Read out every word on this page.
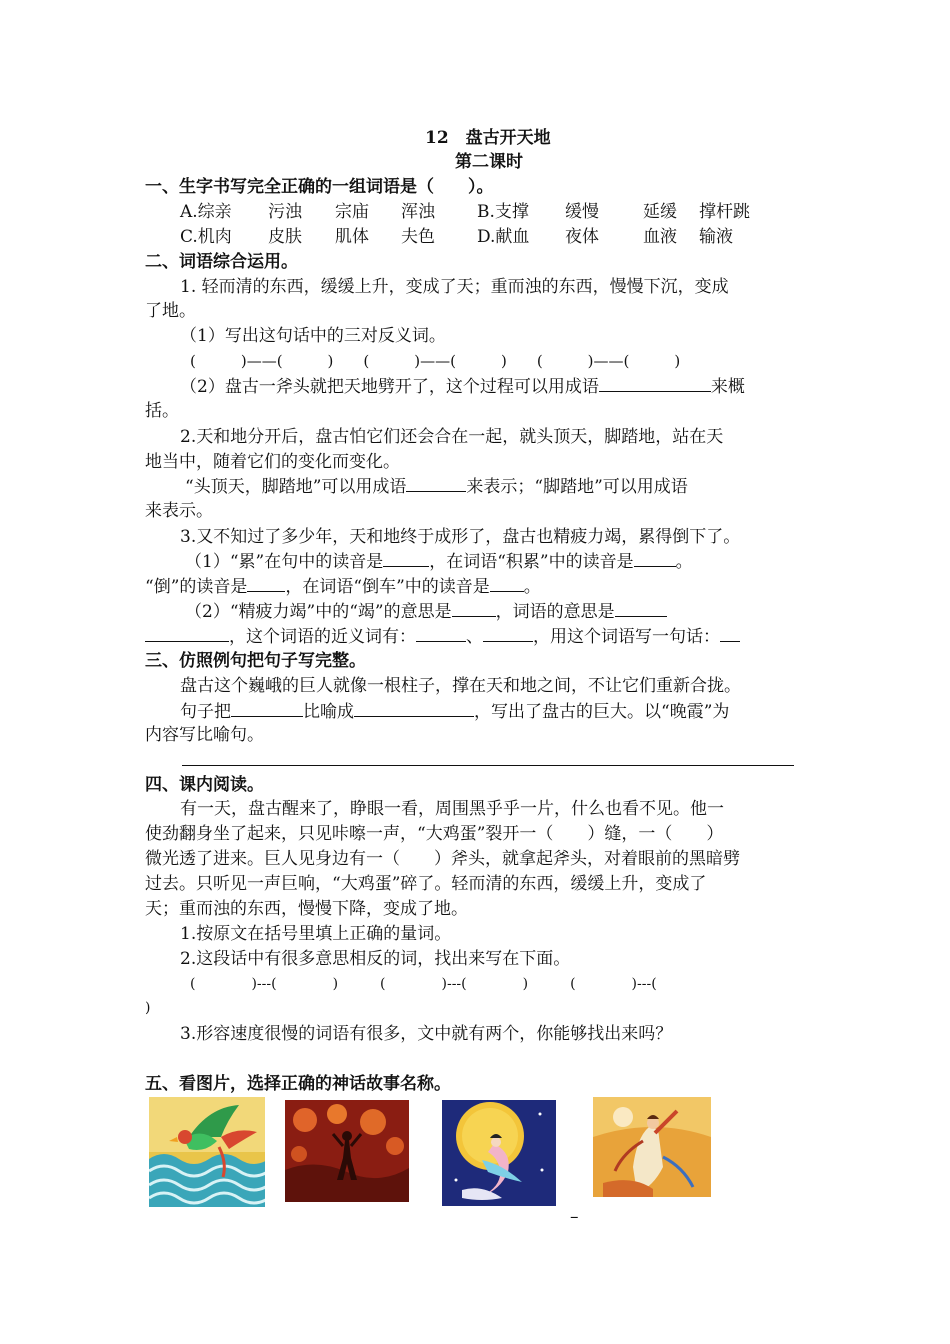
12　盘古开天地
第二课时
一、生字书写完全正确的一组词语是（　　）。
A.综亲 污浊 宗庙 浑浊 B.支撑 缓慢	延缓 撑杆跳
C.机肉 皮肤 肌体 夫色 D.献血 夜体	血液 输液
二、词语综合运用。
1. 轻而清的东西，缓缓上升，变成了天；重而浊的东西，慢慢下沉，变成
了地。
（1）写出这句话中的三对反义词。
(　　　)——(　　　)　　(　　　)——(　　　)　　(　　　)——(　　　)
（2）盘古一斧头就把天地劈开了，这个过程可以用成语	来概
括。
2.天和地分开后，盘古怕它们还会合在一起，就头顶天，脚踏地，站在天
地当中，随着它们的变化而变化。
“头顶天，脚踏地”可以用成语	来表示；“脚踏地”可以用成语
来表示。
3.又不知过了多少年，天和地终于成形了，盘古也精疲力竭，累得倒下了。
（1）“累”在句中的读音是	，在词语“积累”中的读音是 。
“倒”的读音是 ，在词语“倒车”中的读音是 。
（2）“精疲力竭”中的“竭”的意思是	，词语的意思是
，这个词语的近义词有：	、	，用这个词语写一句话：
三、仿照例句把句子写完整。
盘古这个巍峨的巨人就像一根柱子，撑在天和地之间，不让它们重新合拢。
句子把	比喻成	，写出了盘古的巨大。以“晚霞”为
内容写比喻句。
四、课内阅读。
有一天，盘古醒来了，睁眼一看，周围黑乎乎一片，什么也看不见。他一
使劲翻身坐了起来，只见咔嚓一声，“大鸡蛋”裂开一（　　）缝，一（　　）
微光透了进来。巨人见身边有一（　　）斧头，就拿起斧头，对着眼前的黑暗劈
过去。只听见一声巨响，“大鸡蛋”碎了。轻而清的东西，缓缓上升，变成了
天；重而浊的东西，慢慢下降，变成了地。
1.按原文在括号里填上正确的量词。
2.这段话中有很多意思相反的词，找出来写在下面。
(　　　　)---(　　　　)　　　(　　　　)---(　　　　)　　　(　　　　)---(
)
3.形容速度很慢的词语有很多，文中就有两个，你能够找出来吗？
五、看图片，选择正确的神话故事名称。
–
